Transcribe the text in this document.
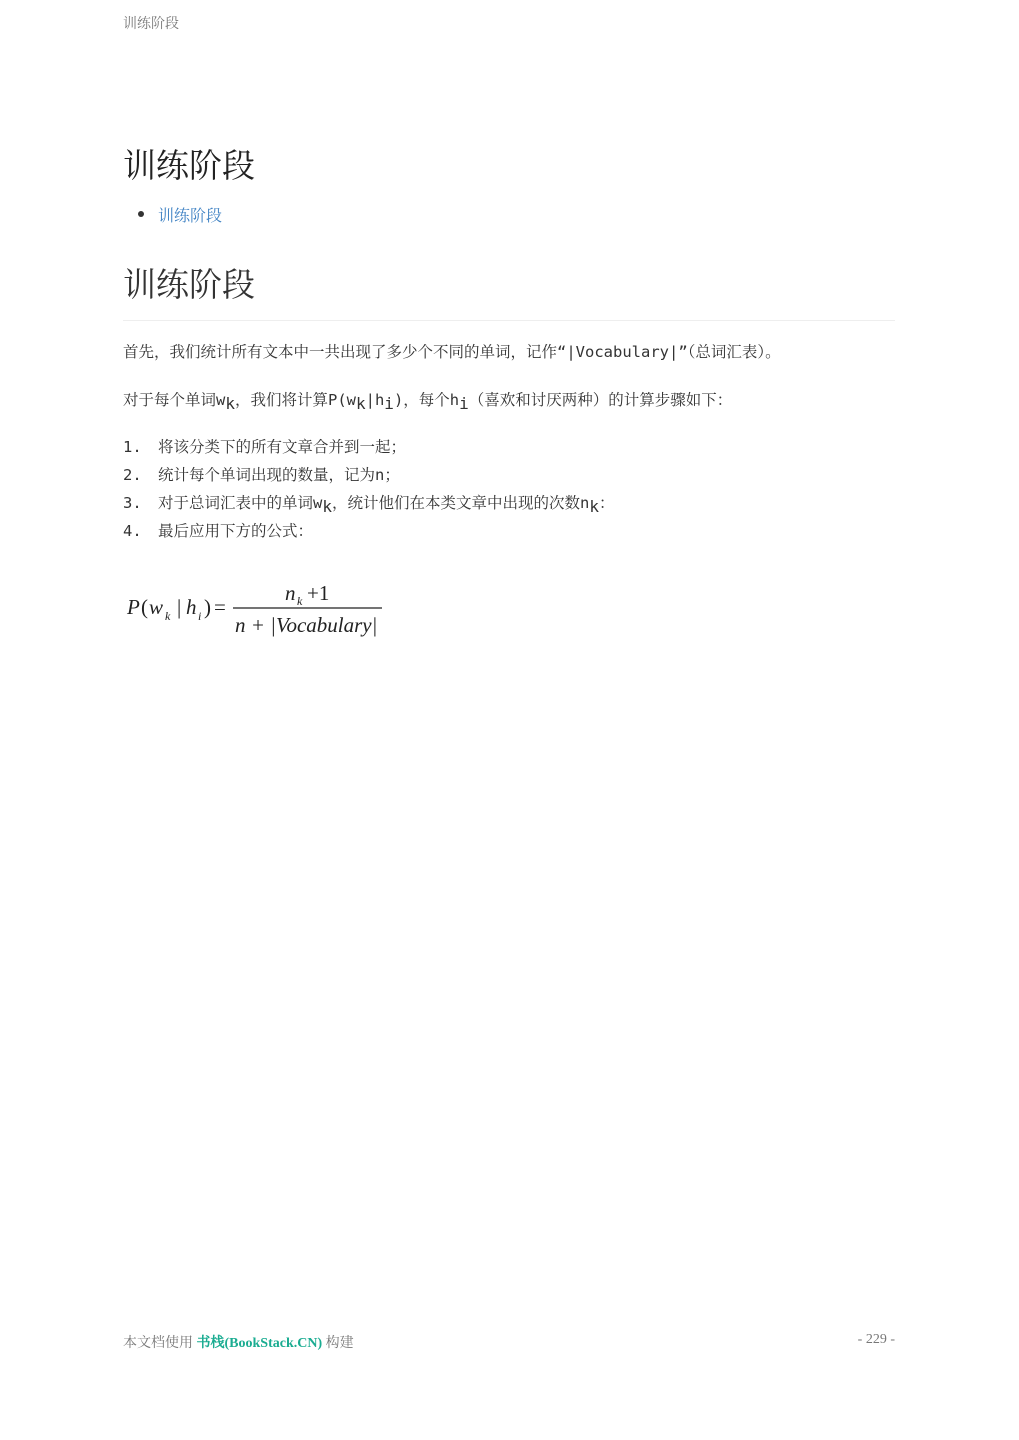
训练阶段
训练阶段
训练阶段
训练阶段

首先，我们统计所有文本中一共出现了多少个不同的单词，记作“|Vocabulary|”（总词汇表）。

对于每个单词$w_k$，我们将计算$P(w_k|h_i)$，每个$h_i$（喜欢和讨厌两种）的计算步骤如下：

1.	将该分类下的所有文章合并到一起；
2.	统计每个单词出现的数量，记为n；
3.	对于总词汇表中的单词$w_k$，统计他们在本类文章中出现的次数$n_k$：
4.	最后应用下方的公式：
P ( w k | h i ) =
n k +1
n + |Vocabulary|
本文档使用 书栈(BookStack.CN) 构建	- 229 -
